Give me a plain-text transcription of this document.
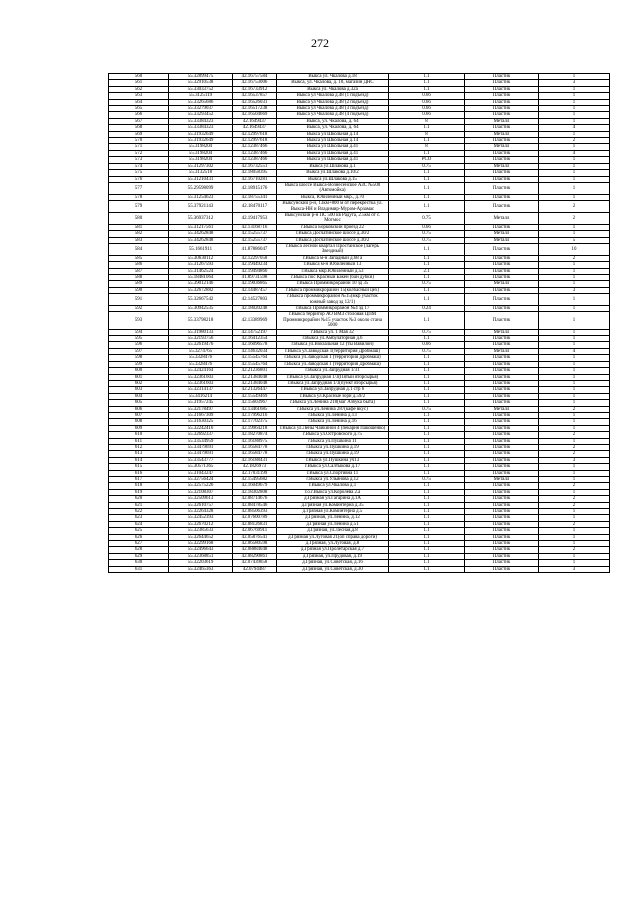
272
560	55.32899475	42.16757584	Выкса ул. Чкалова д.18	1.1	Пластик	1
561	55.32910538	42.16753006	Выкса, ул. Чкалова, д. 18, магазин ДНС	1.1	Пластик	3
562	55.33033752	42.16733912	Выкса ул. Чкалова д.32а	1.1	Пластик	1
563	55.3125119	42.16537857	Выкса ул Чкалова д.48 (1 подъезд)	0.66	Пластик	1
564	55.33265686	42.16526031	Выкса ул Чкалова д.48 (2 подъезд)	0.66	Пластик	1
565	55.33279037	42.16517238	Выкса ул Чкалова д.48 (3 подъезд)	0.66	Пластик	1
566	55.33293452	42.16504669	Выкса ул Чкалова д.48 (4 подъезд)	0.66	Пластик	1
567	55.33384323	42.1649437	Выкса, ул. Чкалова, д. 64	8	Металл	1
568	55.33384323	42.1649437	Выкса, ул. Чкалова, д. 64	1.1	Пластик	4
569	55.31932649	42.12997618	Выкса ул Школьная д.14	8	Металл	1
570	55.31932649	42.12997618	Выкса ул Школьная д.14	1.1	Пластик	2
571	55.3198204	42.12387466	Выкса ул Школьная д.41	8	Металл	1
572	55.3198204	42.12387466	Выкса ул Школьная д.41	1.1	Пластик	4
573	55.3198204	42.12387466	Выкса ул Школьная д.41	РСО	Пластик	1
574	55.31297302	42.16732551	Выкса ул.Шлакова д.1	0.75	Металл	1
575	55.3132518	42.18058395	Выкса ул.Шлакова д.10/2	1.1	Пластик	1
576	55.31210431	42.16710281	Выкса ул.Шлакова д.15	1.1	Пластик	1
577	55.29598099	42.18915176	Выкса шоссе Выкса-Вознесенское АЗС №500 (Автомойка)	1.1	Пластик	1
578	55.31254623	42.18755341	Выкса, Юбилейный мкр., д.70	1.1	Пластик	1
579	55.37921143	42.18470117	Выксунский р-н, 13км+800 м от перекрестка ул. Выкса-НН и Владимир-Муром-Арзамас	1.1	Пластик	2
580	55.36937312	42.19417953	Выксунский р-н ПС 500 кв Радуга, 2.5км от с. Мотмос	0.75	Металл	2
581	55.31217561	42.13168716	г.Выкса Борковский проезд 22	0.66	Пластик	1
582	55.34262848	42.15255737	г.Выкса Досчатинское шоссе д.30/2	0.75	Металл	1
583	55.34262848	42.15255737	г.Выкса Досчатинское шоссе д.30/2	0.75	Металл	5
584	55.1661911	41.87886047	г.Выкса лесной квартал Простанское (лагерь Звездный)	1.1	Пластик	10
585	55.30630112	42.12297058	г.Выкса м-н Западный д.68 а	1.1	Пластик	2
586	55.31267593	42.19449234	г.Выкса м-н Юбилейный 13	1.1	Пластик	1
587	55.31462524	42.19494866	г.Выкса мкр.Юбилейный д.53	2.1	Пластик	1
588	55.18481064	41.89731598	г.Выкса пос Красный Бакен (бан дубки)	1.1	Пластик	1
589	55.39012146	42.19036865	г.Выкса Проммикрорайон 10 зд 35	0.75	Металл	1
590	55.32672882	42.14487457	г.Выкса проммикрорайон 15(колбасный цех)	1.1	Пластик	3
591	55.32667542	42.14527803	г.Выкса проммикрорайон №15(мкр участок южный завод зд 12/1)	1.1	Пластик	1
592	55.30942535	42.18020248	г.Выкса Проммикрорайон №4 зд 17	0.24	Пластик	1
593	55.33798218	42.13389969	г.Выкса территор АО ВМЗ столовая ЦПМ Проммикрорайон №15 участок №3 около стана 5000	1.1	Пластик	1
594	55.31980133	42.14752197	г.Выкса ул. 1 Мая 32	0.75	Металл	1
595	55.32193756	42.16412354	г.Выкса ул.Амбулаторная д.6	1.1	Пластик	1
596	55.32619476	42.16096578	г.Выкса ул.Вокзальная 12 (ты Вавилон)	0.66	Пластик	1
597	55.3274765	42.14632034	г.Выкса ул.Заводская 1(территория Дробмаш)	0.75	Металл	4
598	55.3328476	42.15545764	г.Выкса ул.Заводская 1 (территория Дробмаш)	1.1	Пластик	1
599	55.3328476	42.15545764	г.Выкса ул.Заводская 1 (территория Дробмаш)	1.1	Пластик	1
600	55.32424164	42.21236801	г.Выкса ул.Запрудная 1/31	1.1	Пластик	1
601	55.32361603	42.21384048	г.Выкса ул.Запрудная 1/3(Пятый вторсырья)	1.1	Пластик	1
602	55.32361603	42.21384048	г.Выкса ул.Запрудная 1/3(пункт вторсырья)	1.1	Пластик	1
603	55.32314137	42.21326447	г.Выкса ул.Запрудная д.1 стр 6	1.1	Пластик	1
604	55.3416214	42.15549469	г.Выкса ул.Красные зори д.59/2	1.1	Пластик	1
605	55.31957245	42.15603967	г.Выкса ул.Ленина 218(маг Азбука быта)	1.1	Пластик	1
606	55.32178497	42.13461685	г.Выкса ул.Ленина 287(кафе вкус)	0.75	Металл	2
607	55.31667309	42.17996216	г.Выкса ул.Ленина д.13	1.1	Пластик	1
608	55.31630325	42.17702375	г.Выкса ул.Ленина д.16	1.1	Пластик	1
609	55.32242416	42.19964218	г.Выкса ул.Лены Чайкиной 4 (пекарня Пакошенко)	1.1	Пластик	1
610	55.32692337	42.18270874	г.Выкса ул.Островского д.75	1.1	Пластик	2
611	55.33534959	42.16188975	г.Выкса ул.Пушкина 11	1.1	Пластик	1
612	55.33479691	42.16584778	г.Выкса ул.Пушкина д.19	1.1	Пластик	2
613	55.33479691	42.16584778	г.Выкса ул.Пушкина д.19	1.1	Пластик	2
614	55.33543777	42.16188431	г.Выкса ул.Пушкина уч13	1.1	Пластик	3
615	55.30571365	42.1826973	г.Выкса ул.Салтыкова д.17	1.1	Пластик	1
616	55.31043247	42.17031199	г.Выкса ул.Спортивна 11	1.1	Пластик	1
617	55.32756424	42.15495682	г.Выкса ул.Ульянова д.12	0.75	Металл	1
618	55.32575226	42.16049679	г.Выкса ул.Чкалова д.1	1.1	Пластик	2
619	55.32108307	42.18302808	г.о.г.Выкса ул.Королева 2.а	1.1	Пластик	1
620	55.32509613	42.08714676	д.Грязная ул.Гагарина д.1А	1.1	Пластик	2
621	55.32610757	42.08478546	д.Грязная ул.Коминтерна д.35	1.1	Пластик	2
622	55.32264328	42.08506393	д.Грязная ул.Коминтерна д.5	1.1	Пластик	1
623	55.32452393	42.07600789	д.Грязная, ул.Ленина, д.12	1.1	Пластик	1
624	55.32670212	42.08126831	д.Грязная ул.Ленина д.51	1.1	Пластик	2
625	55.32385633	42.06769911	д.Грязная, ул.Лесная,д.8	1.1	Пластик	1
626	55.32644652	42.05876541	д.Грязная ул.Луговая 21(оп справа дороги)	1.1	Пластик	1
627	55.32299168	42.06580598	д.Грязная, ул.Луговая, д.8	1.1	Пластик	1
628	55.32496643	42.08884048	д.Грязная ул.Пролетарская д.7	1.1	Пластик	2
629	55.32368851	42.08290861	д.Грязная, ул.Прудовая, д.19	1.1	Пластик	1
630	55.32203619	42.07439858	д.Грязная, ул.Советская, д.16	1.1	Пластик	1
631	55.32465363	42.0794487	д.Грязная, ул.Советская, д.30	1.1	Пластик	3
